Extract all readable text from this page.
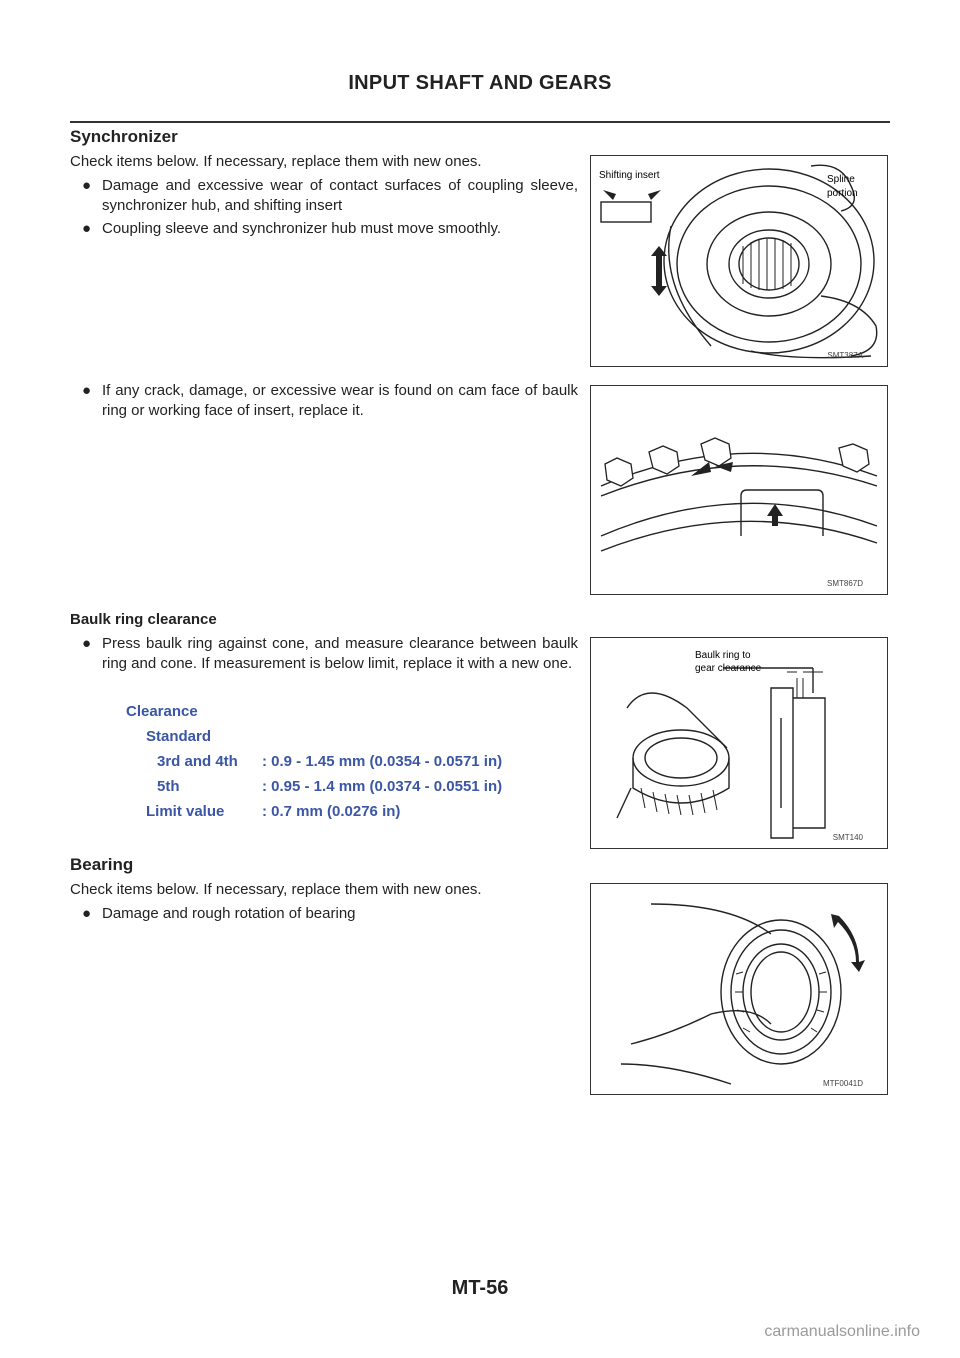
INPUT SHAFT AND GEARS
Synchronizer
Check items below. If necessary, replace them with new ones.
● Damage and excessive wear of contact surfaces of coupling sleeve, synchronizer hub, and shifting insert
● Coupling sleeve and synchronizer hub must move smoothly.
Shifting insert	Spline
portion
SMT387A
● If any crack, damage, or excessive wear is found on cam face of baulk ring or working face of insert, replace it.
SMT867D
Baulk ring clearance
● Press baulk ring against cone, and measure clearance between baulk ring and cone. If measurement is below limit, replace it with a new one.
Clearance
Standard
3rd and 4th : 0.9 - 1.45 mm (0.0354 - 0.0571 in)
5th	: 0.95 - 1.4 mm (0.0374 - 0.0551 in)
Limit value	: 0.7 mm (0.0276 in)
Baulk ring to
gear clearance
SMT140
Bearing
Check items below. If necessary, replace them with new ones.
● Damage and rough rotation of bearing
MTF0041D
MT-56
carmanualsonline.info
